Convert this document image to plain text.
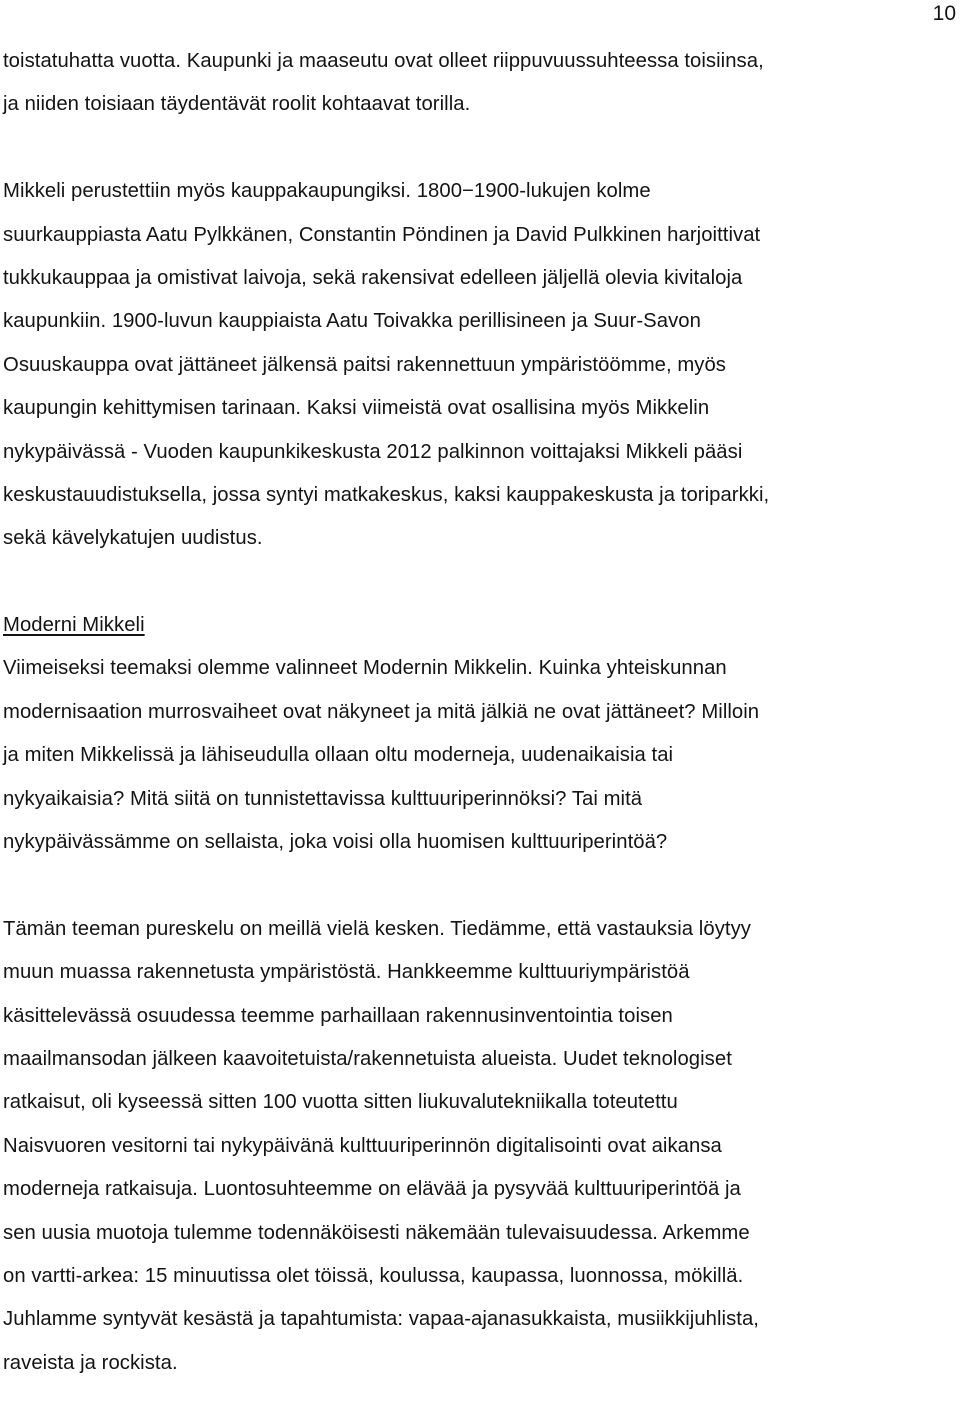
10
toistatuhatta vuotta. Kaupunki ja maaseutu ovat olleet riippuvuussuhteessa toisiinsa,
ja niiden toisiaan täydentävät roolit kohtaavat torilla.
Mikkeli perustettiin myös kauppakaupungiksi. 1800−1900-lukujen kolme
suurkauppiasta Aatu Pylkkänen, Constantin Pöndinen ja David Pulkkinen harjoittivat
tukkukauppaa ja omistivat laivoja, sekä rakensivat edelleen jäljellä olevia kivitaloja
kaupunkiin. 1900-luvun kauppiaista Aatu Toivakka perillisineen ja Suur-Savon
Osuuskauppa ovat jättäneet jälkensä paitsi rakennettuun ympäristöömme, myös
kaupungin kehittymisen tarinaan. Kaksi viimeistä ovat osallisina myös Mikkelin
nykypäivässä - Vuoden kaupunkikeskusta 2012 palkinnon voittajaksi Mikkeli pääsi
keskustauudistuksella, jossa syntyi matkakeskus, kaksi kauppakeskusta ja toriparkki,
sekä kävelykatujen uudistus.
Moderni Mikkeli
Viimeiseksi teemaksi olemme valinneet Modernin Mikkelin. Kuinka yhteiskunnan
modernisaation murrosvaiheet ovat näkyneet ja mitä jälkiä ne ovat jättäneet? Milloin
ja miten Mikkelissä ja lähiseudulla ollaan oltu moderneja, uudenaikaisia tai
nykyaikaisia? Mitä siitä on tunnistettavissa kulttuuriperinnöksi? Tai mitä
nykypäivässämme on sellaista, joka voisi olla huomisen kulttuuriperintöä?
Tämän teeman pureskelu on meillä vielä kesken. Tiedämme, että vastauksia löytyy
muun muassa rakennetusta ympäristöstä. Hankkeemme kulttuuriympäristöä
käsittelevässä osuudessa teemme parhaillaan rakennusinventointia toisen
maailmansodan jälkeen kaavoitetuista/rakennetuista alueista. Uudet teknologiset
ratkaisut, oli kyseessä sitten 100 vuotta sitten liukuvalutekniikalla toteutettu
Naisvuoren vesitorni tai nykypäivänä kulttuuriperinnön digitalisointi ovat aikansa
moderneja ratkaisuja. Luontosuhteemme on elävää ja pysyvää kulttuuriperintöä ja
sen uusia muotoja tulemme todennäköisesti näkemään tulevaisuudessa. Arkemme
on vartti-arkea: 15 minuutissa olet töissä, koulussa, kaupassa, luonnossa, mökillä.
Juhlamme syntyvät kesästä ja tapahtumista: vapaa-ajanasukkaista, musiikkijuhlista,
raveista ja rockista.
